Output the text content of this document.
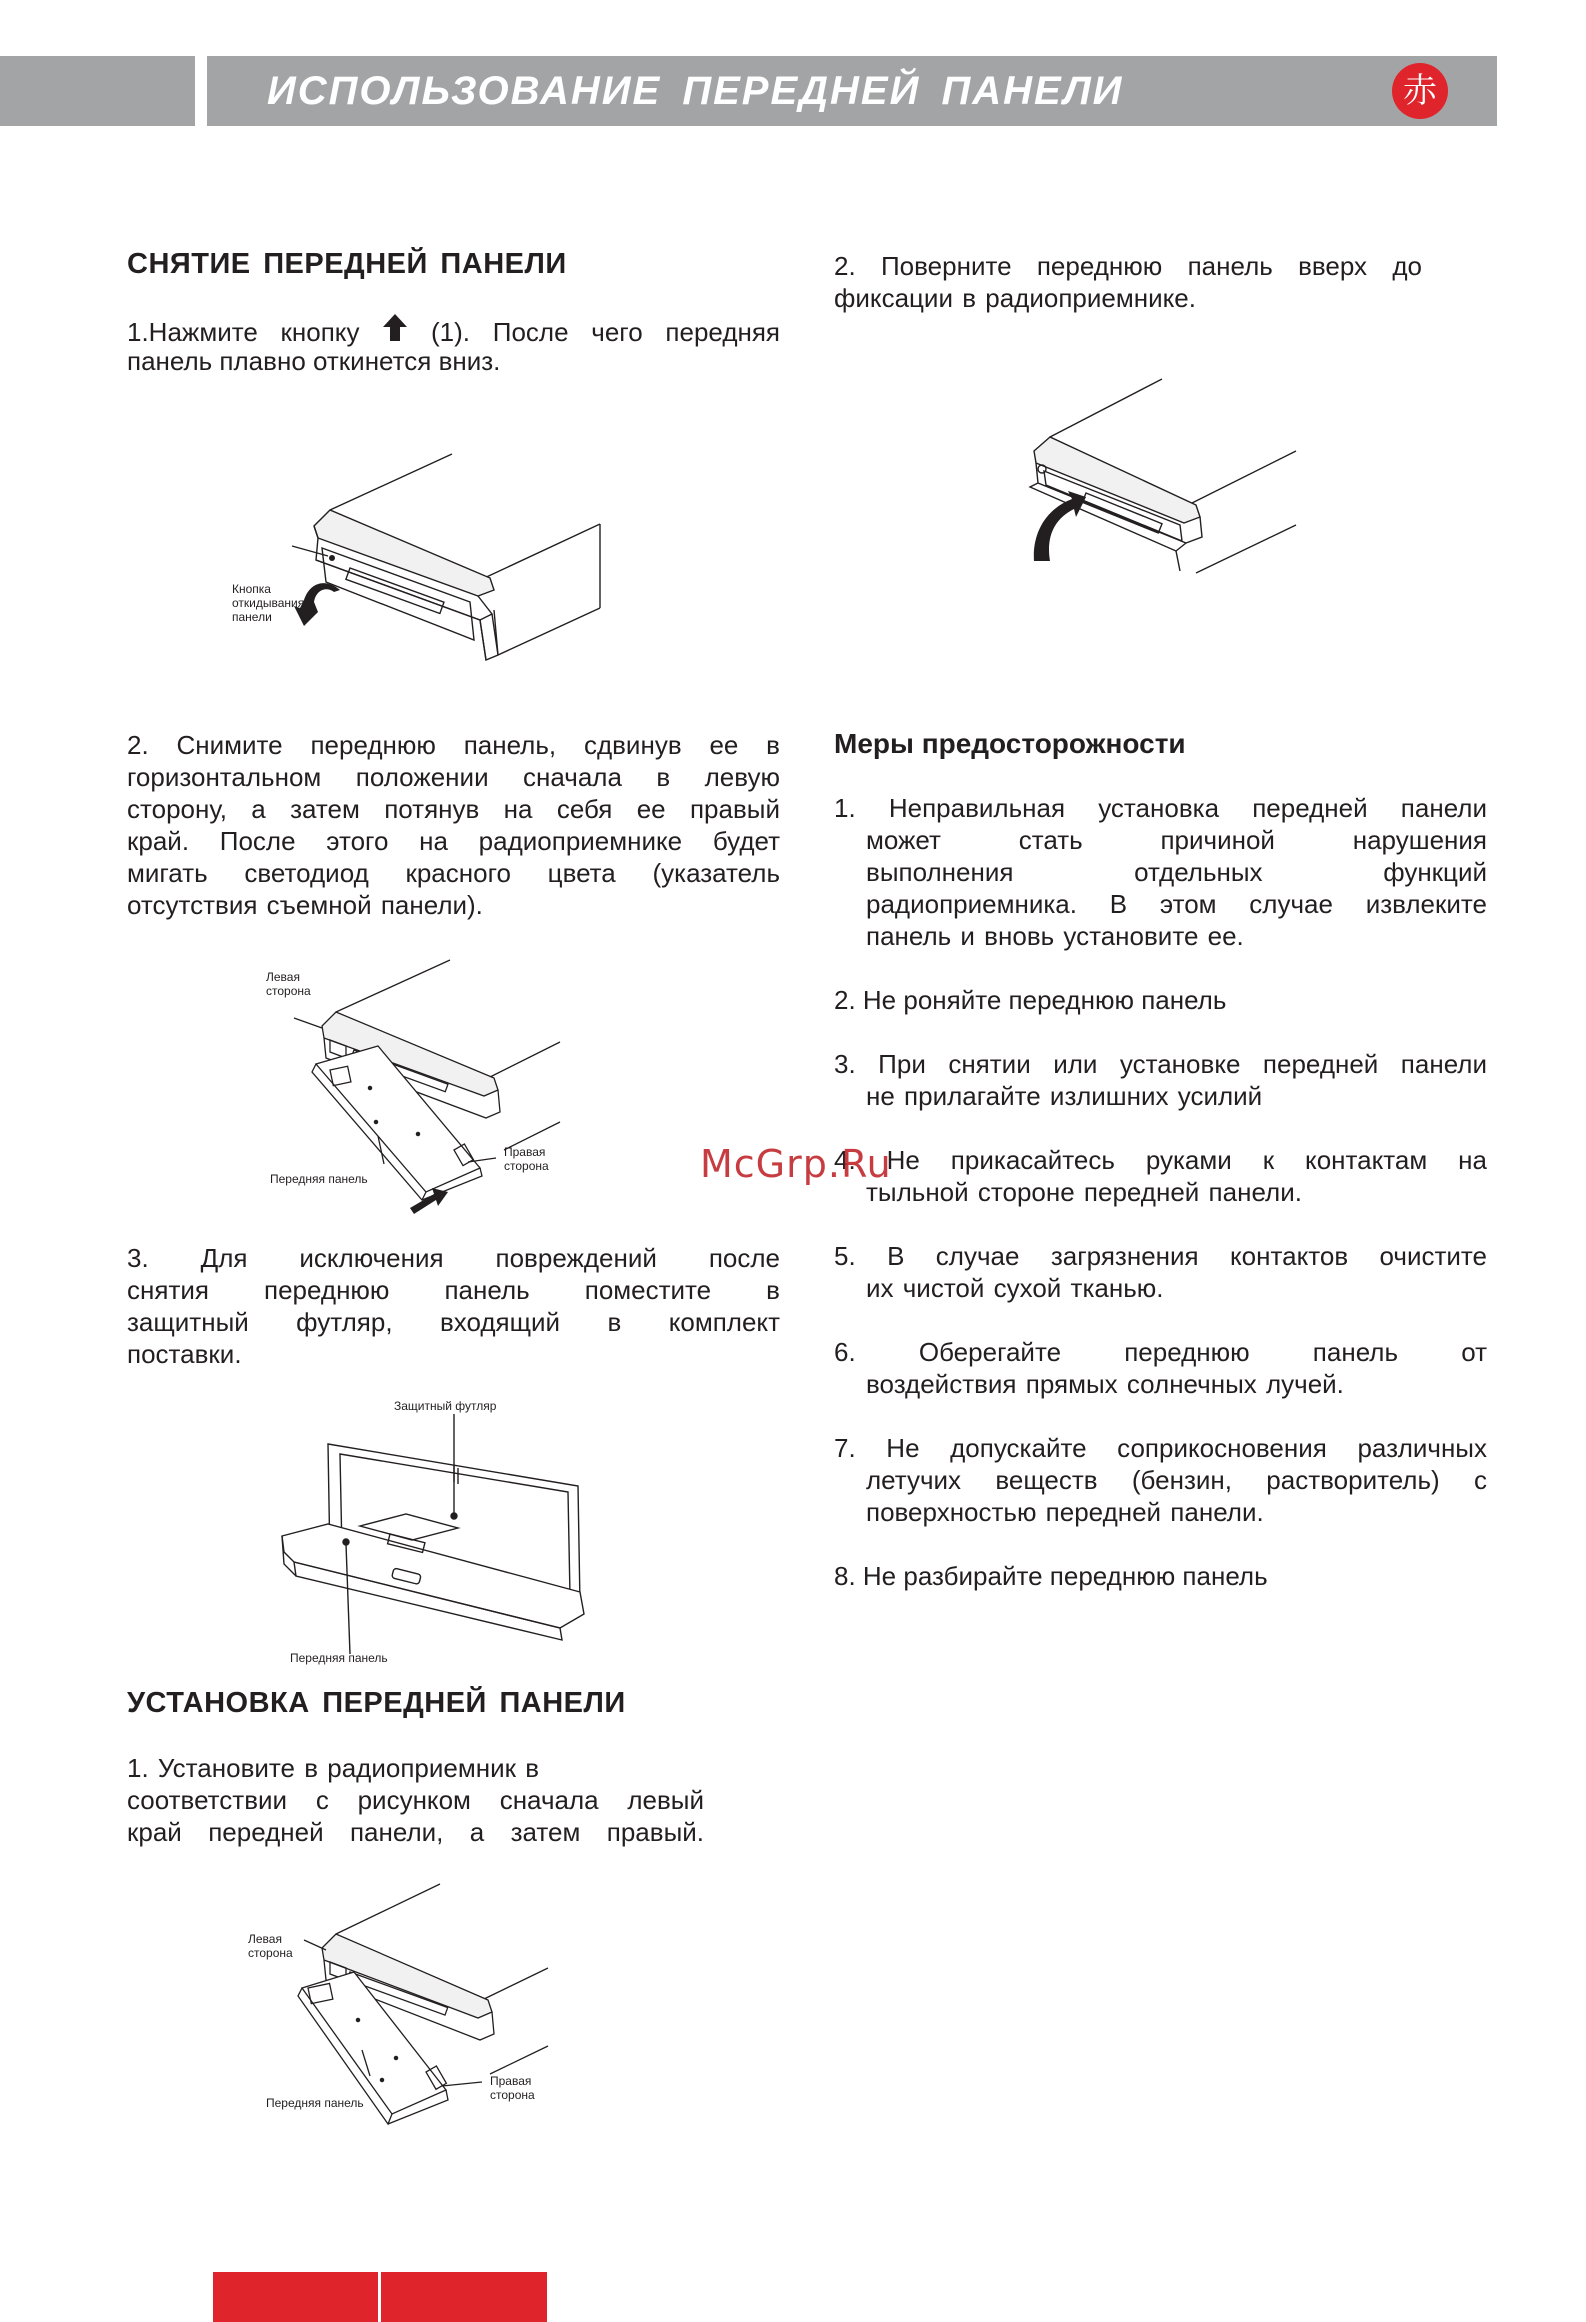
ИСПОЛЬЗОВАНИЕ ПЕРЕДНЕЙ ПАНЕЛИ	赤
СНЯТИЕ ПЕРЕДНЕЙ ПАНЕЛИ
1.Нажмите кнопку	(1). После чего передняя
панель плавно откинется вниз.
Кнопка
откидывания
панели
2. Снимите переднюю панель, сдвинув ее в
горизонтальном положении сначала в левую
сторону, а затем потянув на себя ее правый
край. После этого на радиоприемнике будет
мигать светодиод красного цвета (указатель
отсутствия съемной панели).
Левая
сторона
Правая
сторона
Передняя панель
3. Для исключения повреждений после
снятия переднюю панель поместите в
защитный футляр, входящий в комплект
поставки.
Защитный футляр
Передняя панель
УСТАНОВКА ПЕРЕДНЕЙ ПАНЕЛИ
1. Установите в радиоприемник в
соответствии с рисунком сначала левый
край передней панели, а затем правый.
Левая
сторона
Правая
сторона
Передняя панель
2. Поверните переднюю панель вверх до
фиксации в радиоприемнике.
Меры предосторожности
1. Неправильная установка передней панели
может стать причиной нарушения
выполнения отдельных функций
радиоприемника. В этом случае извлеките
панель и вновь установите ее.
2. Не роняйте переднюю панель
3. При снятии или установке передней панели
не прилагайте излишних усилий
4. Не прикасайтесь руками к контактам на
тыльной стороне передней панели.
5. В случае загрязнения контактов очистите
их чистой сухой тканью.
6. Оберегайте переднюю панель от
воздействия прямых солнечных лучей.
7. Не допускайте соприкосновения различных
летучих веществ (бензин, растворитель) с
поверхностью передней панели.
8. Не разбирайте переднюю панель
McGrp.Ru
